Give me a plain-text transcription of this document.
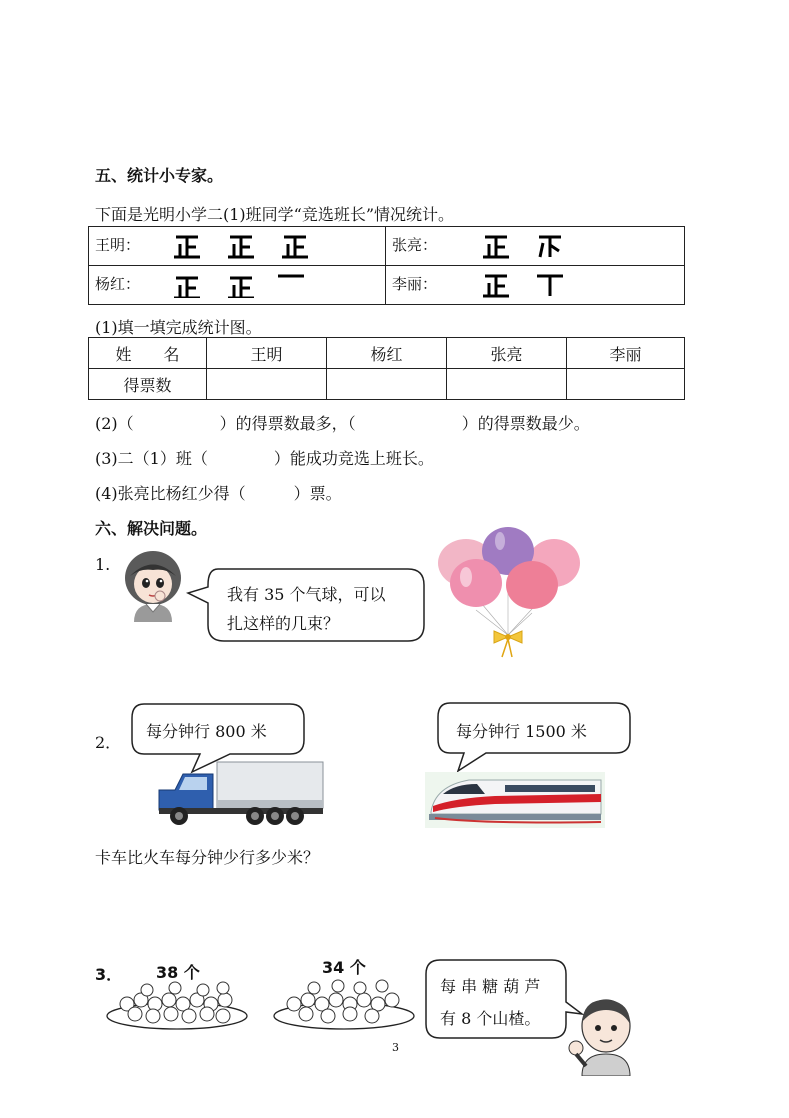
五、统计小专家。
下面是光明小学二(1)班同学“竞选班长”情况统计。
王明：	张亮：
杨红：	李丽：
(1)填一填完成统计图。
姓　　名	王明	杨红	张亮	李丽
得票数				
(2)（	）的得票数最多，（	）的得票数最少。
(3)二（1）班（	）能成功竞选上班长。
(4)张亮比杨红少得（	）票。
六、解决问题。
1.
我有 35 个气球，可以
扎这样的几束？
2．
每分钟行 800 米	每分钟行 1500 米
卡车比火车每分钟少行多少米？
3． 38 个	34 个
每 串 糖 葫 芦
有 8 个山楂。
3
